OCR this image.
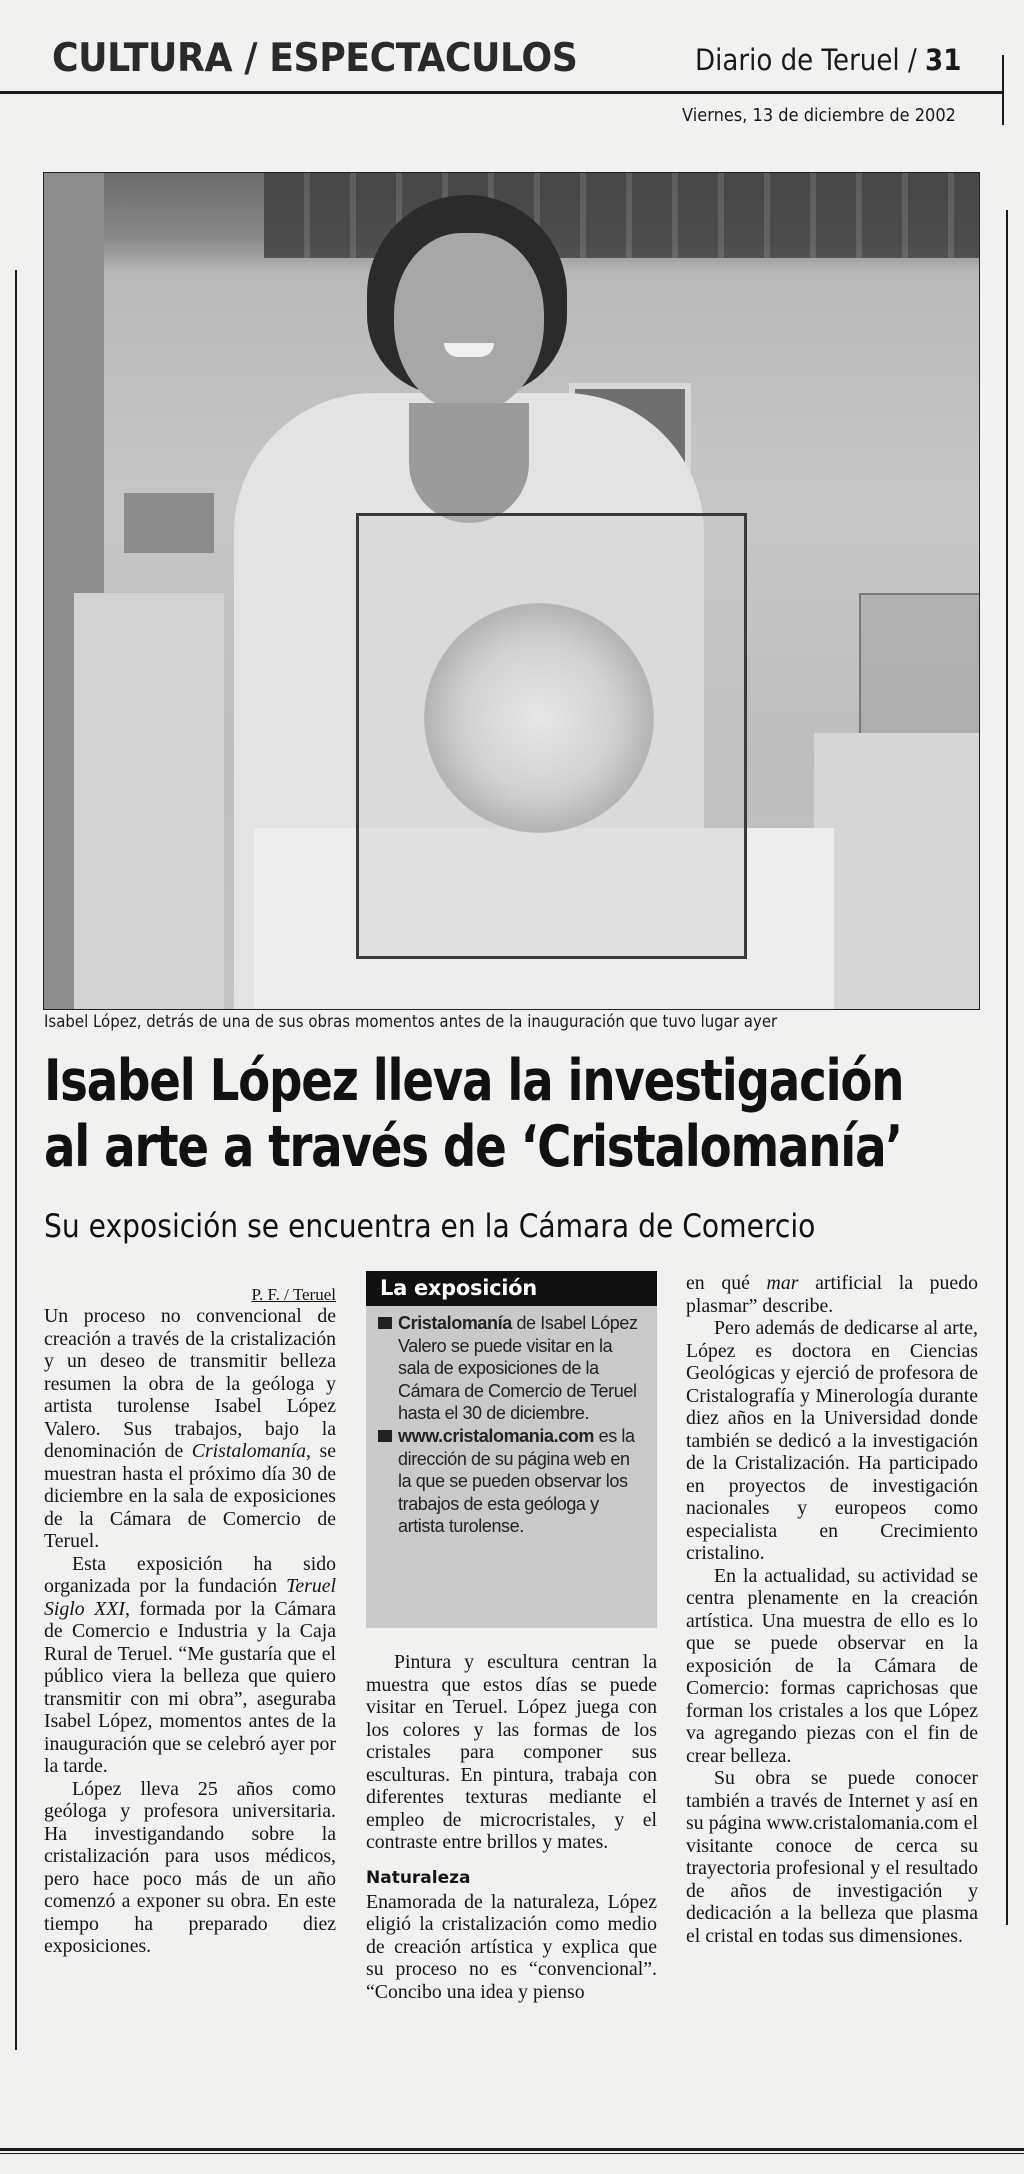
CULTURA / ESPECTACULOS	Diario de Teruel / 31
Viernes, 13 de diciembre de 2002
Isabel López, detrás de una de sus obras momentos antes de la inauguración que tuvo lugar ayer
Isabel López lleva la investigación
al arte a través de ‘Cristalomanía’
Su exposición se encuentra en la Cámara de Comercio

P. F. / Teruel

Un proceso no convencional de creación a través de la cristalización y un deseo de transmitir belleza resumen la obra de la geóloga y artista turolense Isabel López Valero. Sus trabajos, bajo la denominación de Cristalomanía, se muestran hasta el próximo día 30 de diciembre en la sala de exposiciones de la Cámara de Comercio de Teruel.

Esta exposición ha sido organizada por la fundación Teruel Siglo XXI, formada por la Cámara de Comercio e Industria y la Caja Rural de Teruel. “Me gustaría que el público viera la belleza que quiero transmitir con mi obra”, aseguraba Isabel López, momentos antes de la inauguración que se celebró ayer por la tarde.

López lleva 25 años como geóloga y profesora universitaria. Ha investigandando sobre la cristalización para usos médicos, pero hace poco más de un año comenzó a exponer su obra. En este tiempo ha preparado diez exposiciones.

La exposición
Cristalomanía de Isabel López Valero se puede visitar en la sala de exposiciones de la Cámara de Comercio de Teruel hasta el 30 de diciembre.
www.cristalomania.com es la dirección de su página web en la que se pueden observar los trabajos de esta geóloga y artista turolense.

Pintura y escultura centran la muestra que estos días se puede visitar en Teruel. López juega con los colores y las formas de los cristales para componer sus esculturas. En pintura, trabaja con diferentes texturas mediante el empleo de microcristales, y el contraste entre brillos y mates.

Naturaleza

Enamorada de la naturaleza, López eligió la cristalización como medio de creación artística y explica que su proceso no es “convencional”. “Concibo una idea y pienso

en qué mar artificial la puedo plasmar” describe.

Pero además de dedicarse al arte, López es doctora en Ciencias Geológicas y ejerció de profesora de Cristalografía y Minerología durante diez años en la Universidad donde también se dedicó a la investigación de la Cristalización. Ha participado en proyectos de investigación nacionales y europeos como especialista en Crecimiento cristalino.

En la actualidad, su actividad se centra plenamente en la creación artística. Una muestra de ello es lo que se puede observar en la exposición de la Cámara de Comercio: formas caprichosas que forman los cristales a los que López va agregando piezas con el fin de crear belleza.

Su obra se puede conocer también a través de Internet y así en su página www.cristalomania.com el visitante conoce de cerca su trayectoria profesional y el resultado de años de investigación y dedicación a la belleza que plasma el cristal en todas sus dimensiones.
